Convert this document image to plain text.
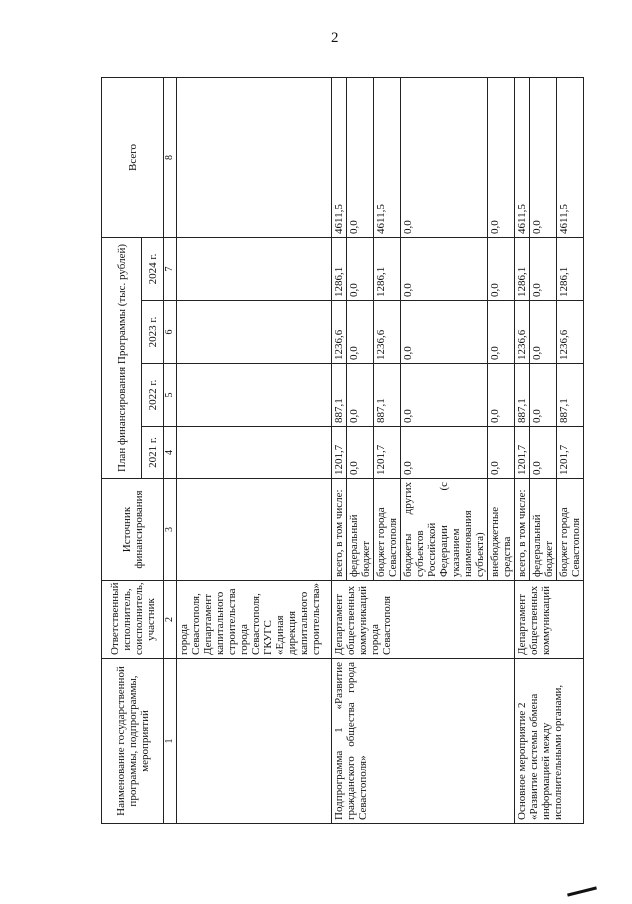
2
Наименование государственной программы, подпрограммы, мероприятий	Ответственный исполнитель, соисполнитель, участник	Источник финансирования	План финансирования Программы (тыс. рублей)				Всего
			2021 г.	2022 г.	2023 г.	2024 г.	
1	2	3	4	5	6	7	8
	города Севастополя, Департамент капитального строительства города Севастополя, ГКУГС «Единая дирекция капитального строительства»						
Подпрограмма 1 «Развитие гражданского общества города Севастополя»	Департамент общественных коммуникаций города Севастополя	всего, в том числе:	1201,7	887,1	1236,6	1286,1	4611,5
		федеральный бюджет	0,0	0,0	0,0	0,0	0,0
		бюджет города Севастополя	1201,7	887,1	1236,6	1286,1	4611,5
		бюджеты других субъектов Российской Федерации (с указанием наименования субъекта)	0,0	0,0	0,0	0,0	0,0
		внебюджетные средства	0,0	0,0	0,0	0,0	0,0
Основное мероприятие 2 «Развитие системы обмена информацией между исполнительными органами,	Департамент общественных коммуникаций	всего, в том числе:	1201,7	887,1	1236,6	1286,1	4611,5
		федеральный бюджет	0,0	0,0	0,0	0,0	0,0
		бюджет города Севастополя	1201,7	887,1	1236,6	1286,1	4611,5
